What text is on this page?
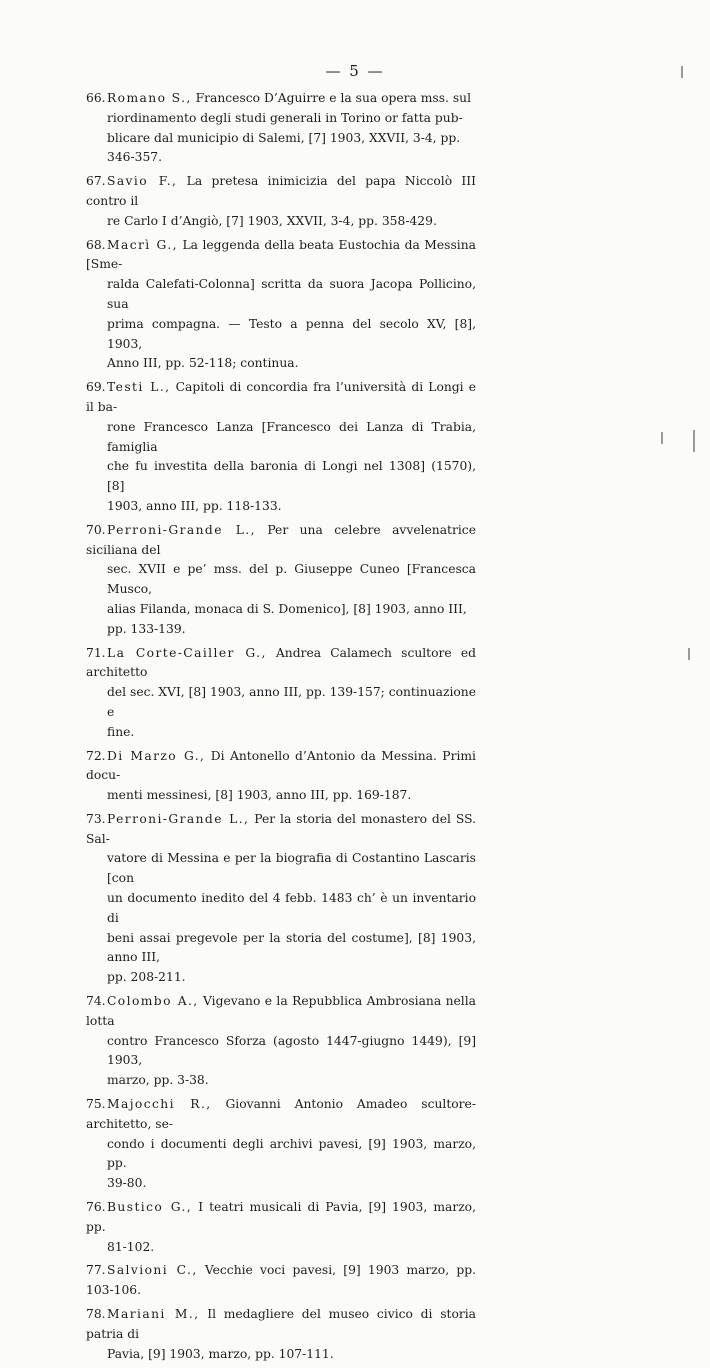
— 5 —
66.Romano S., Francesco D’Aguirre e la sua opera mss. sul
riordinamento degli studi generali in Torino or fatta pub-
blicare dal municipio di Salemi, [7] 1903, XXVII, 3-4, pp.
346-357.
67.Savio F., La pretesa inimicizia del papa Niccolò III contro il
re Carlo I d’Angiò, [7] 1903, XXVII, 3-4, pp. 358-429.
68.Macrì G., La leggenda della beata Eustochia da Messina [Sme-
ralda Calefati-Colonna] scritta da suora Jacopa Pollicino, sua
prima compagna. — Testo a penna del secolo XV, [8], 1903,
Anno III, pp. 52-118; continua.
69.Testi L., Capitoli di concordia fra l’università di Longi e il ba-
rone Francesco Lanza [Francesco dei Lanza di Trabia, famiglia
che fu investita della baronia di Longi nel 1308] (1570), [8]
1903, anno III, pp. 118-133.
70.Perroni-Grande L., Per una celebre avvelenatrice siciliana del
sec. XVII e pe’ mss. del p. Giuseppe Cuneo [Francesca Musco,
alias Filanda, monaca di S. Domenico], [8] 1903, anno III,
pp. 133-139.
71.La Corte-Cailler G., Andrea Calamech scultore ed architetto
del sec. XVI, [8] 1903, anno III, pp. 139-157; continuazione e
fine.
72.Di Marzo G., Di Antonello d’Antonio da Messina. Primi docu-
menti messinesi, [8] 1903, anno III, pp. 169-187.
73.Perroni-Grande L., Per la storia del monastero del SS. Sal-
vatore di Messina e per la biografia di Costantino Lascaris [con
un documento inedito del 4 febb. 1483 ch’ è un inventario di
beni assai pregevole per la storia del costume], [8] 1903, anno III,
pp. 208-211.
74.Colombo A., Vigevano e la Repubblica Ambrosiana nella lotta
contro Francesco Sforza (agosto 1447-giugno 1449), [9] 1903,
marzo, pp. 3-38.
75.Majocchi R., Giovanni Antonio Amadeo scultore-architetto, se-
condo i documenti degli archivi pavesi, [9] 1903, marzo, pp.
39-80.
76.Bustico G., I teatri musicali di Pavia, [9] 1903, marzo, pp.
81-102.
77.Salvioni C., Vecchie voci pavesi, [9] 1903 marzo, pp. 103-106.
78.Mariani M., Il medagliere del museo civico di storia patria di
Pavia, [9] 1903, marzo, pp. 107-111.
